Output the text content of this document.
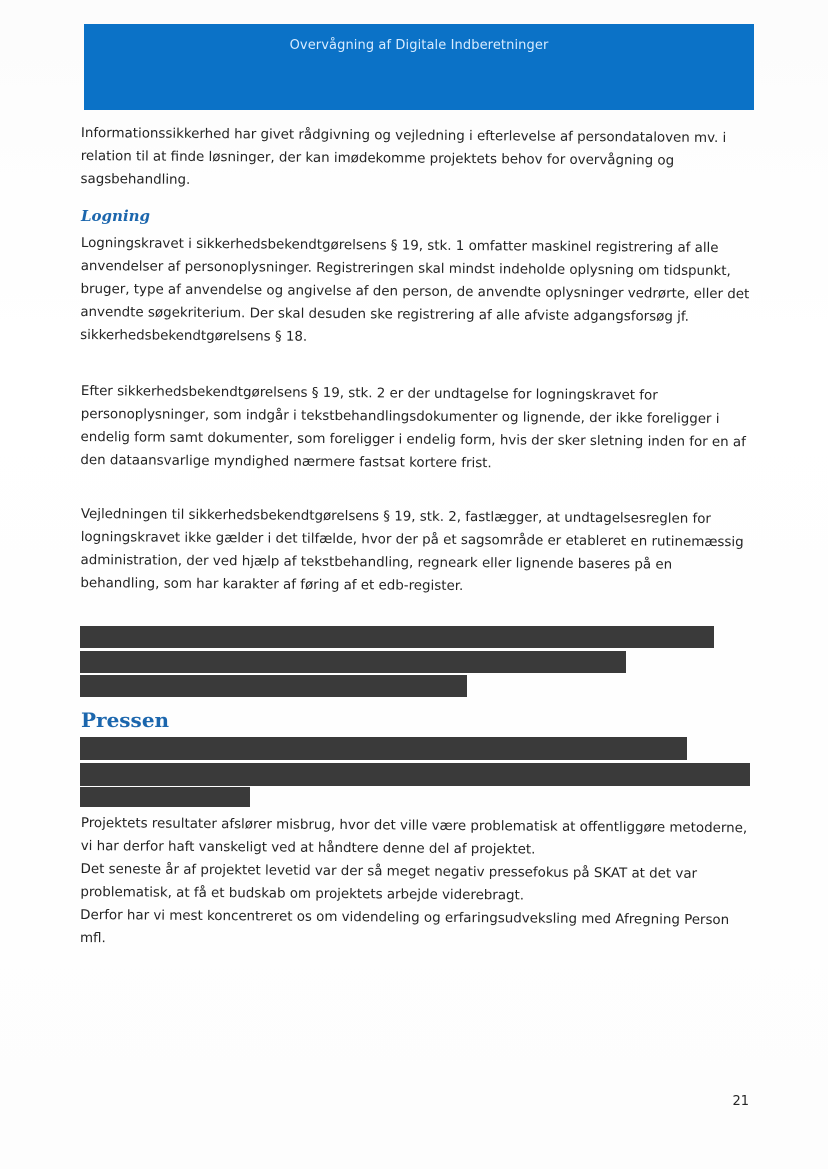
Overvågning af Digitale Indberetninger
Informationssikkerhed har givet rådgivning og vejledning i efterlevelse af persondataloven mv. i relation til at finde løsninger, der kan imødekomme projektets behov for overvågning og sagsbehandling.
Logning
Logningskravet i sikkerhedsbekendtgørelsens § 19, stk. 1 omfatter maskinel registrering af alle anvendelser af personoplysninger. Registreringen skal mindst indeholde oplysning om tidspunkt, bruger, type af anvendelse og angivelse af den person, de anvendte oplysninger vedrørte, eller det anvendte søgekriterium. Der skal desuden ske registrering af alle afviste adgangsforsøg jf. sikkerhedsbekendtgørelsens § 18.
Efter sikkerhedsbekendtgørelsens § 19, stk. 2 er der undtagelse for logningskravet for personoplysninger, som indgår i tekstbehandlingsdokumenter og lignende, der ikke foreligger i endelig form samt dokumenter, som foreligger i endelig form, hvis der sker sletning inden for en af den dataansvarlige myndighed nærmere fastsat kortere frist.
Vejledningen til sikkerhedsbekendtgørelsens § 19, stk. 2, fastlægger, at undtagelsesreglen for logningskravet ikke gælder i det tilfælde, hvor der på et sagsområde er etableret en rutinemæssig administration, der ved hjælp af tekstbehandling, regneark eller lignende baseres på en behandling, som har karakter af føring af et edb-register.
Pressen
Projektets resultater afslører misbrug, hvor det ville være problematisk at offentliggøre metoderne, vi har derfor haft vanskeligt ved at håndtere denne del af projektet.
Det seneste år af projektet levetid var der så meget negativ pressefokus på SKAT at det var problematisk, at få et budskab om projektets arbejde viderebragt.
Derfor har vi mest koncentreret os om videndeling og erfaringsudveksling med Afregning Person mfl.
21
